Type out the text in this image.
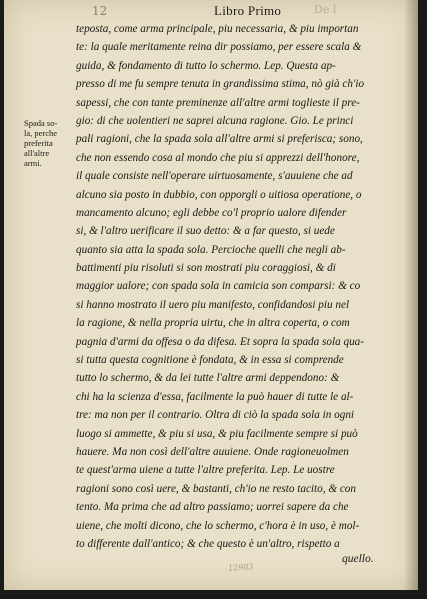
12	Libro Primo	De l
Spada so-
la, perche
preferita
all'altre
armi.
teposta, come arma principale, piu necessaria, & piu importan
te: la quale meritamente reina dir possiamo, per essere scala &
guida, & fondamento di tutto lo schermo. Lep. Questa ap-
presso di me fu sempre tenuta in grandissima stima, nò già ch'io
sapessi, che con tante preminenze all'altre armi toglieste il pre-
gio: di che uolentieri ne saprei alcuna ragione. Gio. Le princi
pali ragioni, che la spada sola all'altre armi si preferisca; sono,
che non essendo cosa al mondo che piu si apprezzi dell'honore,
il quale consiste nell'operare uirtuosamente, s'auuiene che ad
alcuno sia posto in dubbio, con opporgli o uitiosa operatione, o
mancamento alcuno; egli debbe co'l proprio ualore difender
si, & l'altro uerificare il suo detto: & a far questo, si uede
quanto sia atta la spada sola. Percioche quelli che negli ab-
battimenti piu risoluti si son mostrati piu coraggiosi, & di
maggior ualore; con spada sola in camicia son comparsi: & co
si hanno mostrato il uero piu manifesto, confidandosi piu nel
la ragione, & nella propria uirtu, che in altra coperta, o com
pagnia d'armi da offesa o da difesa. Et sopra la spada sola qua-
si tutta questa cognitione è fondata, & in essa si comprende
tutto lo schermo, & da lei tutte l'altre armi deppendono: &
chi ha la scienza d'essa, facilmente la può hauer di tutte le al-
tre: ma non per il contrario. Oltra di ciò la spada sola in ogni
luogo si ammette, & piu si usa, & piu facilmente sempre si può
hauere. Ma non così dell'altre auuiene. Onde ragioneuolmen
te quest'arma uiene a tutte l'altre preferita. Lep. Le uostre
ragioni sono così uere, & bastanti, ch'io ne resto tacito, & con
tento. Ma prima che ad altro passiamo; uorrei sapere da che
uiene, che molti dicono, che lo schermo, c'hora è in uso, è mol-
to differente dall'antico; & che questo è un'altro, rispetto a
quello.
12983
